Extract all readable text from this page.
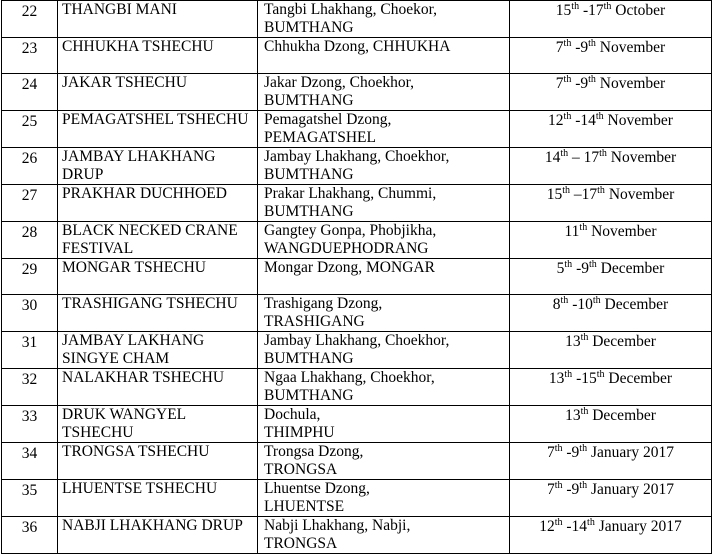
22	THANGBI MANI	Tangbi Lhakhang, Choekor,
BUMTHANG	15th -17th October
23	CHHUKHA TSHECHU	Chhukha Dzong, CHHUKHA	7th -9th November
24	JAKAR TSHECHU	Jakar Dzong, Choekhor,
BUMTHANG	7th -9th November
25	PEMAGATSHEL TSHECHU	Pemagatshel Dzong,
PEMAGATSHEL	12th -14th November
26	JAMBAY LHAKHANG DRUP	Jambay Lhakhang, Choekhor,
BUMTHANG	14th – 17th November
27	PRAKHAR DUCHHOED	Prakar Lhakhang, Chummi,
BUMTHANG	15th –17th November
28	BLACK NECKED CRANE FESTIVAL	Gangtey Gonpa, Phobjikha,
WANGDUEPHODRANG	11th November
29	MONGAR TSHECHU	Mongar Dzong, MONGAR	5th -9th December
30	TRASHIGANG TSHECHU	Trashigang Dzong,
TRASHIGANG	8th -10th December
31	JAMBAY LAKHANG SINGYE CHAM	Jambay Lhakhang, Choekhor,
BUMTHANG	13th December
32	NALAKHAR TSHECHU	Ngaa Lhakhang, Choekhor,
BUMTHANG	13th -15th December
33	DRUK WANGYEL TSHECHU	Dochula,
THIMPHU	13th December
34	TRONGSA TSHECHU	Trongsa Dzong,
TRONGSA	7th -9th January 2017
35	LHUENTSE TSHECHU	Lhuentse Dzong,
LHUENTSE	7th -9th January 2017
36	NABJI LHAKHANG DRUP	Nabji Lhakhang, Nabji,
TRONGSA	12th -14th January 2017
